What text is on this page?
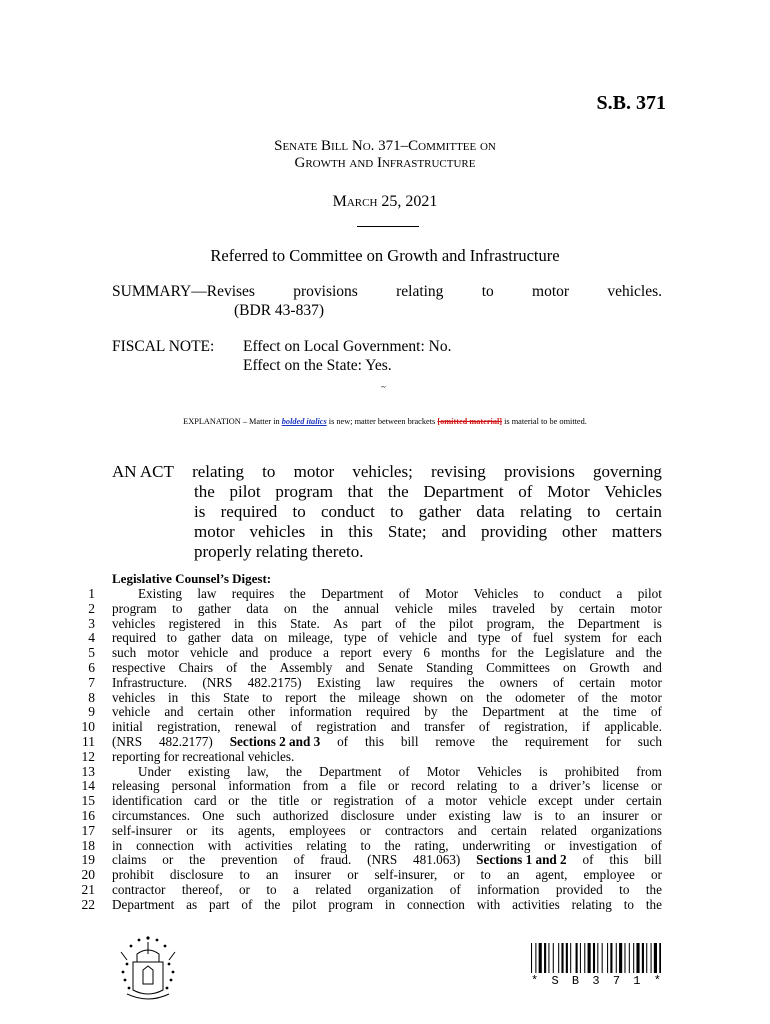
S.B. 371
Senate Bill No. 371–Committee on
Growth and Infrastructure
March 25, 2021
Referred to Committee on Growth and Infrastructure
SUMMARY—Revises provisions relating to motor vehicles.
(BDR 43-837)
FISCAL NOTE:	Effect on Local Government: No.
Effect on the State: Yes.
~
EXPLANATION – Matter in bolded italics is new; matter between brackets [omitted material] is material to be omitted.
AN ACT relating to motor vehicles; revising provisions governing
the pilot program that the Department of Motor Vehicles
is required to conduct to gather data relating to certain
motor vehicles in this State; and providing other matters
properly relating thereto.
Legislative Counsel’s Digest:
1
2
3
4
5
6
7
8
9
10
11
12
13
14
15
16
17
18
19
20
21
22
Existing law requires the Department of Motor Vehicles to conduct a pilot
program to gather data on the annual vehicle miles traveled by certain motor
vehicles registered in this State. As part of the pilot program, the Department is
required to gather data on mileage, type of vehicle and type of fuel system for each
such motor vehicle and produce a report every 6 months for the Legislature and the
respective Chairs of the Assembly and Senate Standing Committees on Growth and
Infrastructure. (NRS 482.2175) Existing law requires the owners of certain motor
vehicles in this State to report the mileage shown on the odometer of the motor
vehicle and certain other information required by the Department at the time of
initial registration, renewal of registration and transfer of registration, if applicable.
(NRS 482.2177) Sections 2 and 3 of this bill remove the requirement for such
reporting for recreational vehicles.
Under existing law, the Department of Motor Vehicles is prohibited from
releasing personal information from a file or record relating to a driver’s license or
identification card or the title or registration of a motor vehicle except under certain
circumstances. One such authorized disclosure under existing law is to an insurer or
self-insurer or its agents, employees or contractors and certain related organizations
in connection with activities relating to the rating, underwriting or investigation of
claims or the prevention of fraud. (NRS 481.063) Sections 1 and 2 of this bill
prohibit disclosure to an insurer or self-insurer, or to an agent, employee or
contractor thereof, or to a related organization of information provided to the
Department as part of the pilot program in connection with activities relating to the
* S B 3 7 1 *
